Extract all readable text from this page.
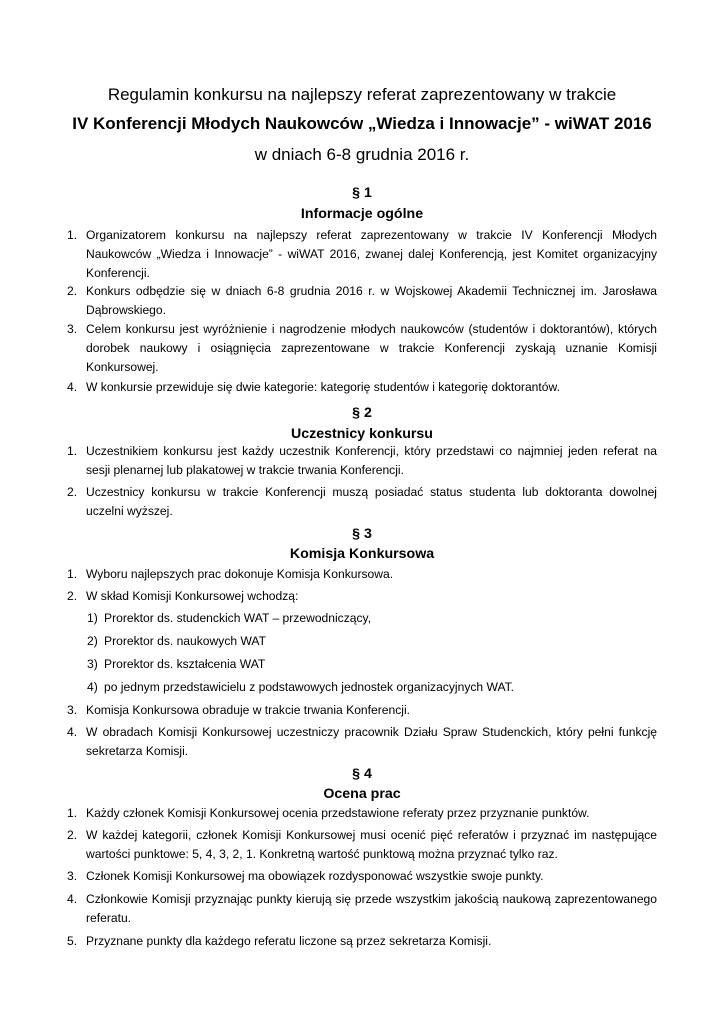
Regulamin konkursu na najlepszy referat zaprezentowany w trakcie
IV Konferencji Młodych Naukowców „Wiedza i Innowacje” - wiWAT 2016
w dniach 6-8 grudnia 2016 r.
§ 1
Informacje ogólne
1. Organizatorem konkursu na najlepszy referat zaprezentowany w trakcie IV Konferencji Młodych Naukowców „Wiedza i Innowacje” - wiWAT 2016, zwanej dalej Konferencją, jest Komitet organizacyjny Konferencji.
2. Konkurs odbędzie się w dniach 6-8 grudnia 2016 r. w Wojskowej Akademii Technicznej im. Jarosława Dąbrowskiego.
3. Celem konkursu jest wyróżnienie i nagrodzenie młodych naukowców (studentów i doktorantów), których dorobek naukowy i osiągnięcia zaprezentowane w trakcie Konferencji zyskają uznanie Komisji Konkursowej.
4. W konkursie przewiduje się dwie kategorie: kategorię studentów i kategorię doktorantów.
§ 2
Uczestnicy konkursu
1. Uczestnikiem konkursu jest każdy uczestnik Konferencji, który przedstawi co najmniej jeden referat na sesji plenarnej lub plakatowej w trakcie trwania Konferencji.
2. Uczestnicy konkursu w trakcie Konferencji muszą posiadać status studenta lub doktoranta dowolnej uczelni wyższej.
§ 3
Komisja Konkursowa
1. Wyboru najlepszych prac dokonuje Komisja Konkursowa.
2. W skład Komisji Konkursowej wchodzą:
1) Prorektor ds. studenckich WAT – przewodniczący,
2) Prorektor ds. naukowych WAT
3) Prorektor ds. kształcenia WAT
4) po jednym przedstawicielu z podstawowych jednostek organizacyjnych WAT.
3. Komisja Konkursowa obraduje w trakcie trwania Konferencji.
4. W obradach Komisji Konkursowej uczestniczy pracownik Działu Spraw Studenckich, który pełni funkcję sekretarza Komisji.
§ 4
Ocena prac
1. Każdy członek Komisji Konkursowej ocenia przedstawione referaty przez przyznanie punktów.
2. W każdej kategorii, członek Komisji Konkursowej musi ocenić pięć referatów i przyznać im następujące wartości punktowe: 5, 4, 3, 2, 1. Konkretną wartość punktową można przyznać tylko raz.
3. Członek Komisji Konkursowej ma obowiązek rozdysponować wszystkie swoje punkty.
4. Członkowie Komisji przyznając punkty kierują się przede wszystkim jakością naukową zaprezentowanego referatu.
5. Przyznane punkty dla każdego referatu liczone są przez sekretarza Komisji.
